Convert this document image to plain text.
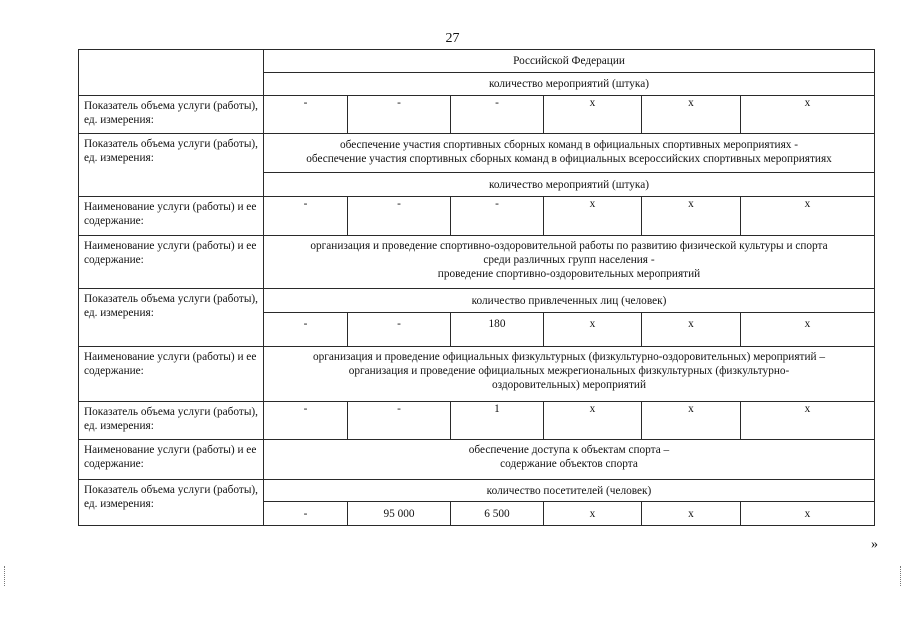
27
	Российской Федерации					
	количество мероприятий (штука)					
Показатель объема услуги (работы), ед. измерения:	-	-	-	x	x	x
Показатель объема услуги (работы), ед. измерения:	обеспечение участия спортивных сборных команд в официальных спортивных мероприятиях -
обеспечение участия спортивных сборных команд в официальных всероссийских спортивных мероприятиях					

	количество мероприятий (штука)					
Наименование услуги (работы) и ее содержание:	-	-	-	x	x	x
Наименование услуги (работы) и ее содержание:	организация и проведение спортивно-оздоровительной работы по развитию физической культуры и спорта
среди различных групп населения -
проведение спортивно-оздоровительных мероприятий					

Показатель объема услуги (работы), ед. измерения:	количество привлеченных лиц (человек)					
	-	-	180	x	x	x
Наименование услуги (работы) и ее содержание:	организация и проведение официальных физкультурных (физкультурно-оздоровительных) мероприятий –
организация и проведение официальных межрегиональных физкультурных (физкультурно-
оздоровительных) мероприятий					

Показатель объема услуги (работы), ед. измерения:	-	-	1	x	x	x
Наименование услуги (работы) и ее содержание:	обеспечение доступа к объектам спорта –
содержание объектов спорта					

Показатель объема услуги (работы), ед. измерения:	количество посетителей (человек)					
	-	95 000	6 500	x	x	x
»
